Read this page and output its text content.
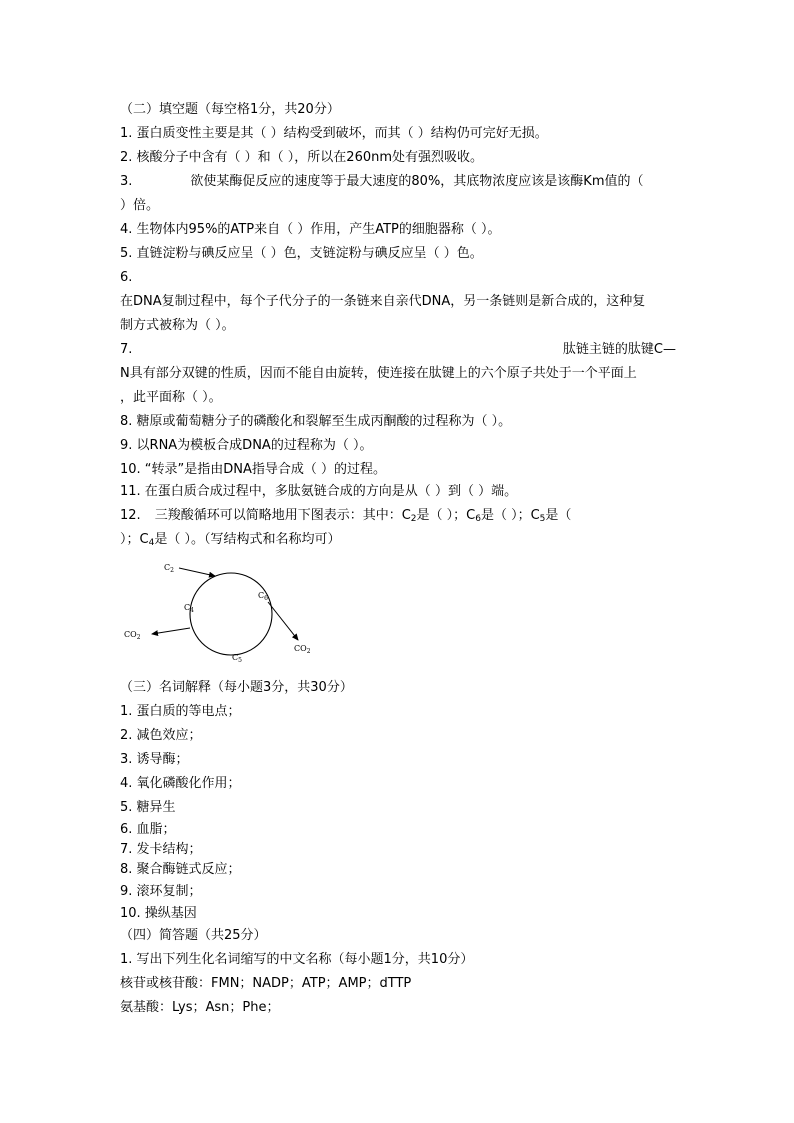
（二）填空题（每空格1分，共20分）
1. 蛋白质变性主要是其（ ）结构受到破坏，而其（ ）结构仍可完好无损。
2. 核酸分子中含有（ ）和（ ），所以在260nm处有强烈吸收。
3.	欲使某酶促反应的速度等于最大速度的80%，其底物浓度应该是该酶Km值的（
）倍。
4. 生物体内95%的ATP来自（ ）作用，产生ATP的细胞器称（ ）。
5. 直链淀粉与碘反应呈（ ）色，支链淀粉与碘反应呈（ ）色。
6.
在DNA复制过程中，每个子代分子的一条链来自亲代DNA，另一条链则是新合成的，这种复
制方式被称为（ ）。
7.	肽链主链的肽键C—
N具有部分双键的性质，因而不能自由旋转，使连接在肽键上的六个原子共处于一个平面上
，此平面称（ ）。
8. 糖原或葡萄糖分子的磷酸化和裂解至生成丙酮酸的过程称为（ ）。
9. 以RNA为模板合成DNA的过程称为（ ）。
10. “转录”是指由DNA指导合成（ ）的过程。
11. 在蛋白质合成过程中，多肽氨链合成的方向是从（ ）到（ ）端。
12. 三羧酸循环可以简略地用下图表示：其中：$C_2$是（ ）；$C_6$是（ ）；$C_5$是（
）；$C_4$是（ ）。（写结构式和名称均可）
$C_2$
$C_6$
$C_4$
$C_5$
$CO_2$
$CO_2$
（三）名词解释（每小题3分，共30分）
1. 蛋白质的等电点；
2. 减色效应；
3. 诱导酶；
4. 氧化磷酸化作用；
5. 糖异生
6. 血脂；
7. 发卡结构；
8. 聚合酶链式反应；
9. 滚环复制；
10. 操纵基因
（四）简答题（共25分）
1. 写出下列生化名词缩写的中文名称（每小题1分，共10分）
核苷或核苷酸：FMN；NADP；ATP；AMP；dTTP
氨基酸：Lys；Asn；Phe；
